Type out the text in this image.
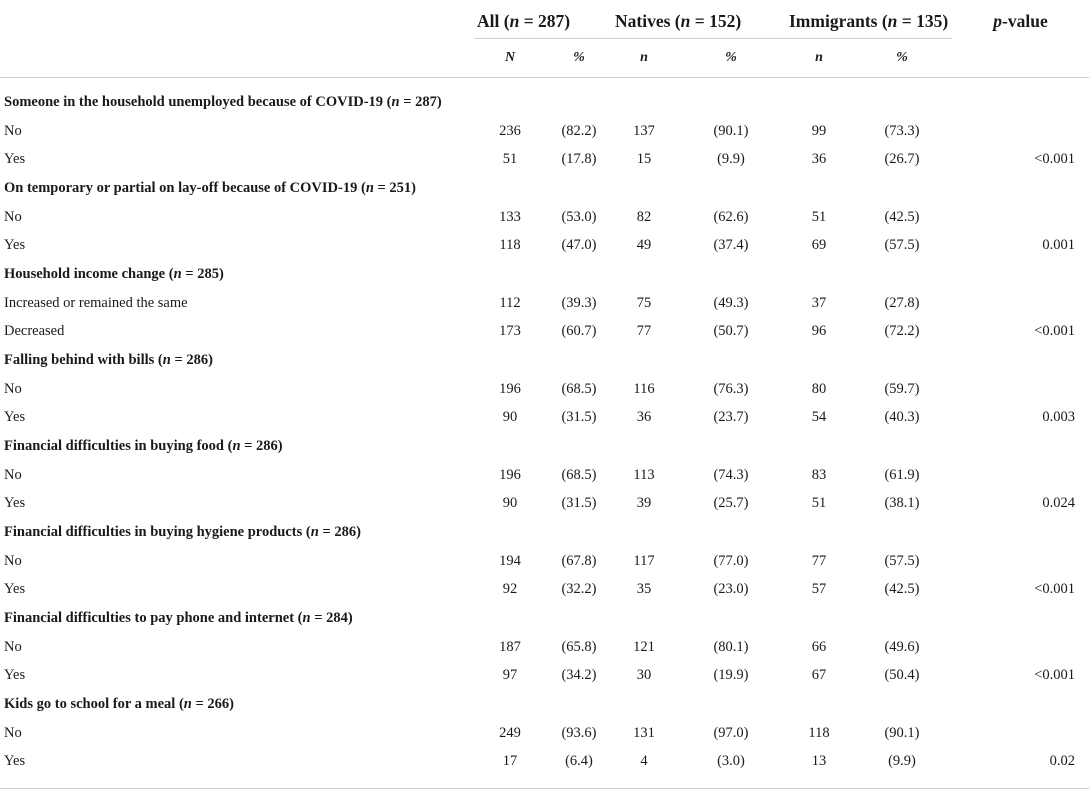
	All (n = 287)		Natives (n = 152)		Immigrants (n = 135)		p-value
	N	%	n	%	n	%	

Someone in the household unemployed because of COVID-19 (n = 287)							
No	236	(82.2)	137	(90.1)	99	(73.3)	
Yes	51	(17.8)	15	(9.9)	36	(26.7)	<0.001
On temporary or partial on lay-off because of COVID-19 (n = 251)							
No	133	(53.0)	82	(62.6)	51	(42.5)	
Yes	118	(47.0)	49	(37.4)	69	(57.5)	0.001
Household income change (n = 285)							
Increased or remained the same	112	(39.3)	75	(49.3)	37	(27.8)	
Decreased	173	(60.7)	77	(50.7)	96	(72.2)	<0.001
Falling behind with bills (n = 286)							
No	196	(68.5)	116	(76.3)	80	(59.7)	
Yes	90	(31.5)	36	(23.7)	54	(40.3)	0.003
Financial difficulties in buying food (n = 286)							
No	196	(68.5)	113	(74.3)	83	(61.9)	
Yes	90	(31.5)	39	(25.7)	51	(38.1)	0.024
Financial difficulties in buying hygiene products (n = 286)							
No	194	(67.8)	117	(77.0)	77	(57.5)	
Yes	92	(32.2)	35	(23.0)	57	(42.5)	<0.001
Financial difficulties to pay phone and internet (n = 284)							
No	187	(65.8)	121	(80.1)	66	(49.6)	
Yes	97	(34.2)	30	(19.9)	67	(50.4)	<0.001
Kids go to school for a meal (n = 266)							
No	249	(93.6)	131	(97.0)	118	(90.1)	
Yes	17	(6.4)	4	(3.0)	13	(9.9)	0.02
